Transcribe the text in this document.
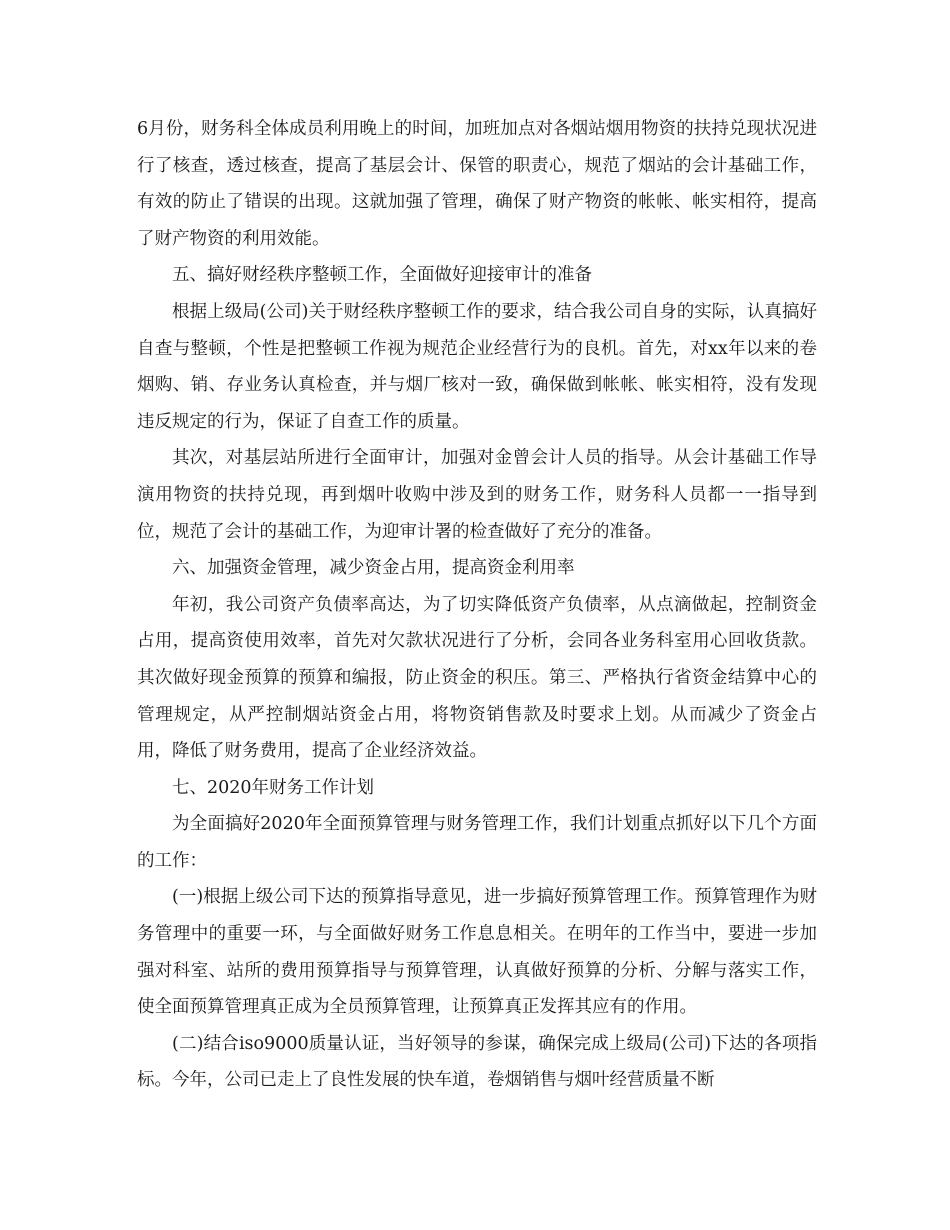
6月份，财务科全体成员利用晚上的时间，加班加点对各烟站烟用物资的扶持兑现状况进行了核查，透过核查，提高了基层会计、保管的职责心，规范了烟站的会计基础工作，有效的防止了错误的出现。这就加强了管理，确保了财产物资的帐帐、帐实相符，提高了财产物资的利用效能。

五、搞好财经秩序整顿工作，全面做好迎接审计的准备

根据上级局(公司)关于财经秩序整顿工作的要求，结合我公司自身的实际，认真搞好自查与整顿，个性是把整顿工作视为规范企业经营行为的良机。首先，对xx年以来的卷烟购、销、存业务认真检查，并与烟厂核对一致，确保做到帐帐、帐实相符，没有发现违反规定的行为，保证了自查工作的质量。

其次，对基层站所进行全面审计，加强对金曾会计人员的指导。从会计基础工作导演用物资的扶持兑现，再到烟叶收购中涉及到的财务工作，财务科人员都一一指导到位，规范了会计的基础工作，为迎审计署的检查做好了充分的准备。

六、加强资金管理，减少资金占用，提高资金利用率

年初，我公司资产负债率高达，为了切实降低资产负债率，从点滴做起，控制资金占用，提高资使用效率，首先对欠款状况进行了分析，会同各业务科室用心回收货款。其次做好现金预算的预算和编报，防止资金的积压。第三、严格执行省资金结算中心的管理规定，从严控制烟站资金占用，将物资销售款及时要求上划。从而减少了资金占用，降低了财务费用，提高了企业经济效益。

七、2020年财务工作计划

为全面搞好2020年全面预算管理与财务管理工作，我们计划重点抓好以下几个方面的工作：

(一)根据上级公司下达的预算指导意见，进一步搞好预算管理工作。预算管理作为财务管理中的重要一环，与全面做好财务工作息息相关。在明年的工作当中，要进一步加强对科室、站所的费用预算指导与预算管理，认真做好预算的分析、分解与落实工作，使全面预算管理真正成为全员预算管理，让预算真正发挥其应有的作用。

(二)结合iso9000质量认证，当好领导的参谋，确保完成上级局(公司)下达的各项指标。今年，公司已走上了良性发展的快车道，卷烟销售与烟叶经营质量不断
